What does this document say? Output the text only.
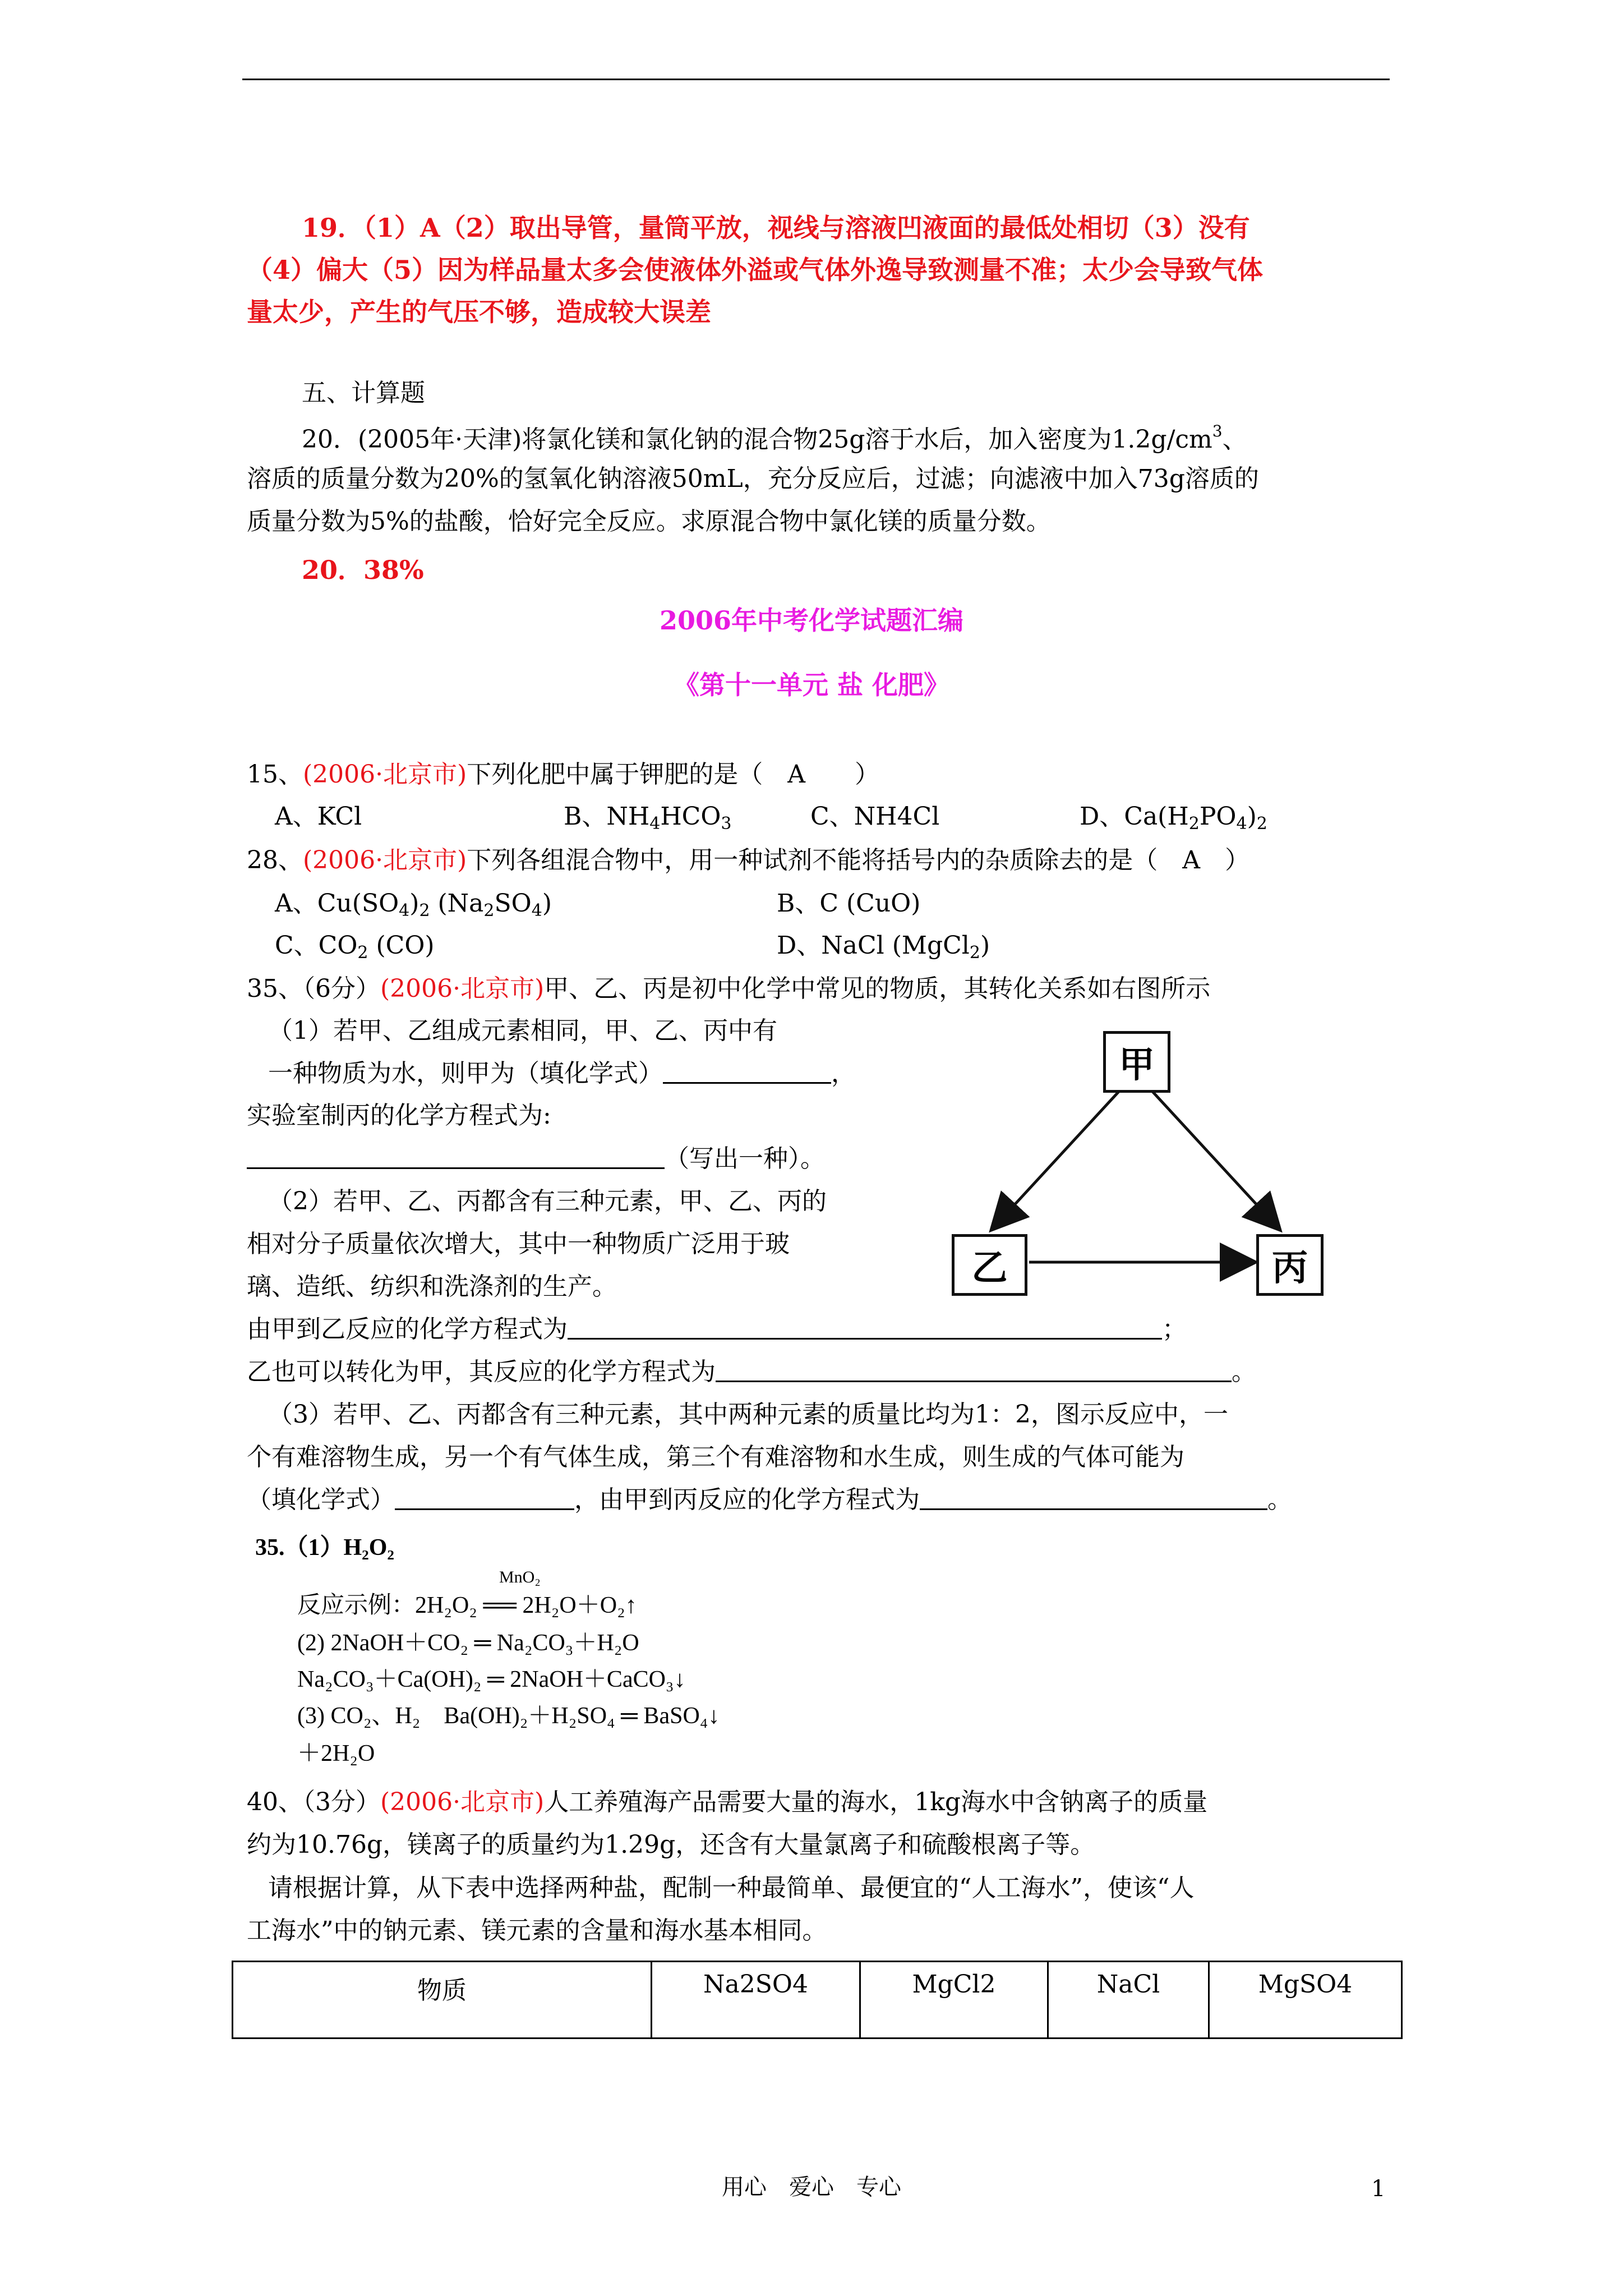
19．（1）A（2）取出导管，量筒平放，视线与溶液凹液面的最低处相切（3）没有
（4）偏大（5）因为样品量太多会使液体外溢或气体外逸导致测量不准；太少会导致气体
量太少，产生的气压不够，造成较大误差
五、计算题
20．(2005年·天津)将氯化镁和氯化钠的混合物25g溶于水后，加入密度为$1.2g/cm^3$、
溶质的质量分数为20%的氢氧化钠溶液50mL，充分反应后，过滤；向滤液中加入73g溶质的
质量分数为5%的盐酸，恰好完全反应。求原混合物中氯化镁的质量分数。
20．38%
2006年中考化学试题汇编
《第十一单元 盐 化肥》
15、(2006·北京市)下列化肥中属于钾肥的是（　A　　）
A、KCl	B、$NH_4HCO_3$	C、NH4Cl	D、$Ca(H_2PO_4)_2$
28、(2006·北京市)下列各组混合物中，用一种试剂不能将括号内的杂质除去的是（　A　）
A、$Cu(SO_4)_2$ $(Na_2SO_4)$	B、C (CuO)
C、$CO_2$ (CO)	D、NaCl (MgCl$_2$)
35、（6分）(2006·北京市)甲、乙、丙是初中化学中常见的物质，其转化关系如右图所示
（1）若甲、乙组成元素相同，甲、乙、丙中有
一种物质为水，则甲为（填化学式）	，
实验室制丙的化学方程式为:
（写出一种）。
（2）若甲、乙、丙都含有三种元素，甲、乙、丙的
相对分子质量依次增大，其中一种物质广泛用于玻
璃、造纸、纺织和洗涤剂的生产。
由甲到乙反应的化学方程式为	；
乙也可以转化为甲，其反应的化学方程式为	。
（3）若甲、乙、丙都含有三种元素，其中两种元素的质量比均为1：2，图示反应中，一
个有难溶物生成，另一个有气体生成，第三个有难溶物和水生成，则生成的气体可能为
（填化学式）	，由甲到丙反应的化学方程式为	。
甲
乙	丙
35.（1）H₂O₂
MnO₂
反应示例：2H₂O₂ ══ 2H₂O＋O₂↑
(2) 2NaOH＋CO₂ ═ Na₂CO₃＋H₂O
Na₂CO₃＋Ca(OH)₂ ═ 2NaOH＋CaCO₃↓
(3) CO₂、H₂　Ba(OH)₂＋H₂SO₄ ═ BaSO₄↓
＋2H₂O
40、（3分）(2006·北京市)人工养殖海产品需要大量的海水，1kg海水中含钠离子的质量
约为10.76g，镁离子的质量约为1.29g，还含有大量氯离子和硫酸根离子等。
请根据计算，从下表中选择两种盐，配制一种最简单、最便宜的“人工海水”，使该“人
工海水”中的钠元素、镁元素的含量和海水基本相同。
物质	Na2SO4	MgCl2	NaCl	MgSO4
用心　爱心　专心	1
